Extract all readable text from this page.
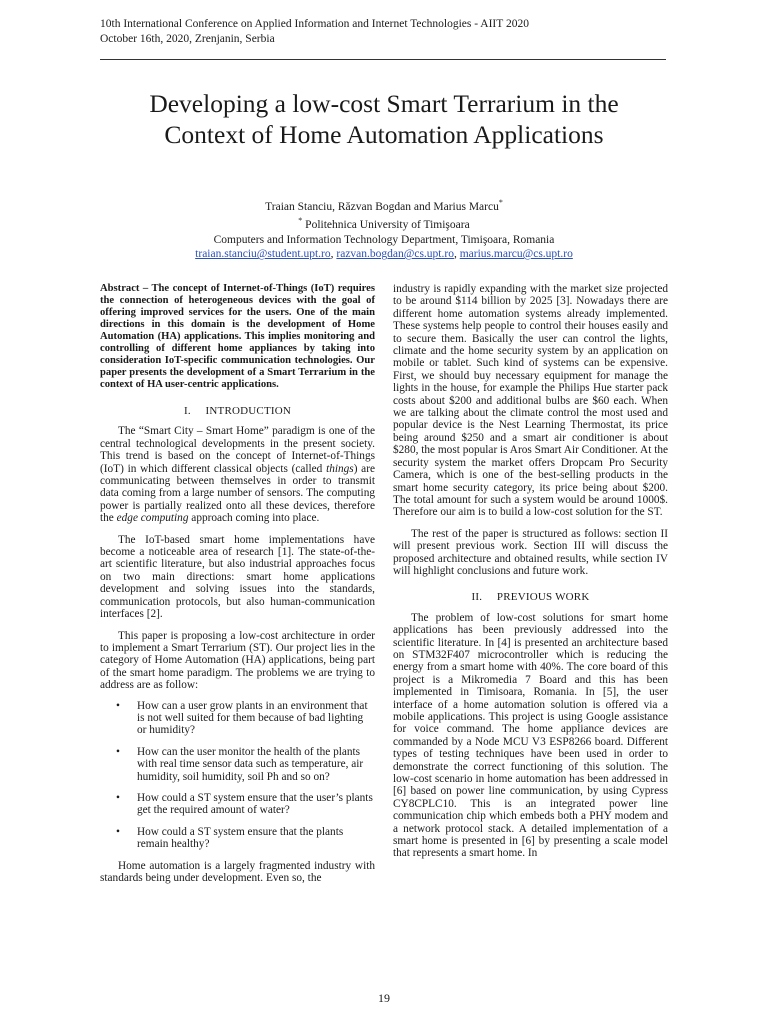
10th International Conference on Applied Information and Internet Technologies - AIIT 2020
October 16th, 2020, Zrenjanin, Serbia
Developing a low-cost Smart Terrarium in the
Context of Home Automation Applications
Traian Stanciu, Răzvan Bogdan and Marius Marcu*
* Politehnica University of Timişoara
Computers and Information Technology Department, Timişoara, Romania
traian.stanciu@student.upt.ro, razvan.bogdan@cs.upt.ro, marius.marcu@cs.upt.ro

Abstract – The concept of Internet-of-Things (IoT) requires the connection of heterogeneous devices with the goal of offering improved services for the users. One of the main directions in this domain is the development of Home Automation (HA) applications. This implies monitoring and controlling of different home appliances by taking into consideration IoT-specific communication technologies. Our paper presents the development of a Smart Terrarium in the context of HA user-centric applications.

I.     INTRODUCTION

The “Smart City – Smart Home” paradigm is one of the central technological developments in the present society. This trend is based on the concept of Internet-of-Things (IoT) in which different classical objects (called things) are communicating between themselves in order to transmit data coming from a large number of sensors. The computing power is partially realized onto all these devices, therefore the edge computing approach coming into place.

The IoT-based smart home implementations have become a noticeable area of research [1]. The state-of-the-art scientific literature, but also industrial approaches focus on two main directions: smart home applications development and solving issues into the standards, communication protocols, but also human-communication interfaces [2].

This paper is proposing a low-cost architecture in order to implement a Smart Terrarium (ST). Our project lies in the category of Home Automation (HA) applications, being part of the smart home paradigm. The problems we are trying to address are as follow:

• How can a user grow plants in an environment that is not well suited for them because of bad lighting or humidity?
• How can the user monitor the health of the plants with real time sensor data such as temperature, air humidity, soil humidity, soil Ph and so on?
• How could a ST system ensure that the user’s plants get the required amount of water?
• How could a ST system ensure that the plants remain healthy?

Home automation is a largely fragmented industry with standards being under development. Even so, the

industry is rapidly expanding with the market size projected to be around $114 billion by 2025 [3]. Nowadays there are different home automation systems already implemented. These systems help people to control their houses easily and to secure them. Basically the user can control the lights, climate and the home security system by an application on mobile or tablet. Such kind of systems can be expensive. First, we should buy necessary equipment for manage the lights in the house, for example the Philips Hue starter pack costs about $200 and additional bulbs are $60 each. When we are talking about the climate control the most used and popular device is the Nest Learning Thermostat, its price being around $250 and a smart air conditioner is about $280, the most popular is Aros Smart Air Conditioner. At the security system the market offers Dropcam Pro Security Camera, which is one of the best-selling products in the smart home security category, its price being about $200. The total amount for such a system would be around 1000$. Therefore our aim is to build a low-cost solution for the ST.

The rest of the paper is structured as follows: section II will present previous work. Section III will discuss the proposed architecture and obtained results, while section IV will highlight conclusions and future work.

II.     PREVIOUS WORK

The problem of low-cost solutions for smart home applications has been previously addressed into the scientific literature. In [4] is presented an architecture based on STM32F407 microcontroller which is reducing the energy from a smart home with 40%. The core board of this project is a Mikromedia 7 Board and this has been implemented in Timisoara, Romania. In [5], the user interface of a home automation solution is offered via a mobile applications. This project is using Google assistance for voice command. The home appliance devices are commanded by a Node MCU V3 ESP8266 board. Different types of testing techniques have been used in order to demonstrate the correct functioning of this solution. The low-cost scenario in home automation has been addressed in [6] based on power line communication, by using Cypress CY8CPLC10. This is an integrated power line communication chip which embeds both a PHY modem and a network protocol stack. A detailed implementation of a smart home is presented in [6] by presenting a scale model that represents a smart home. In

19
